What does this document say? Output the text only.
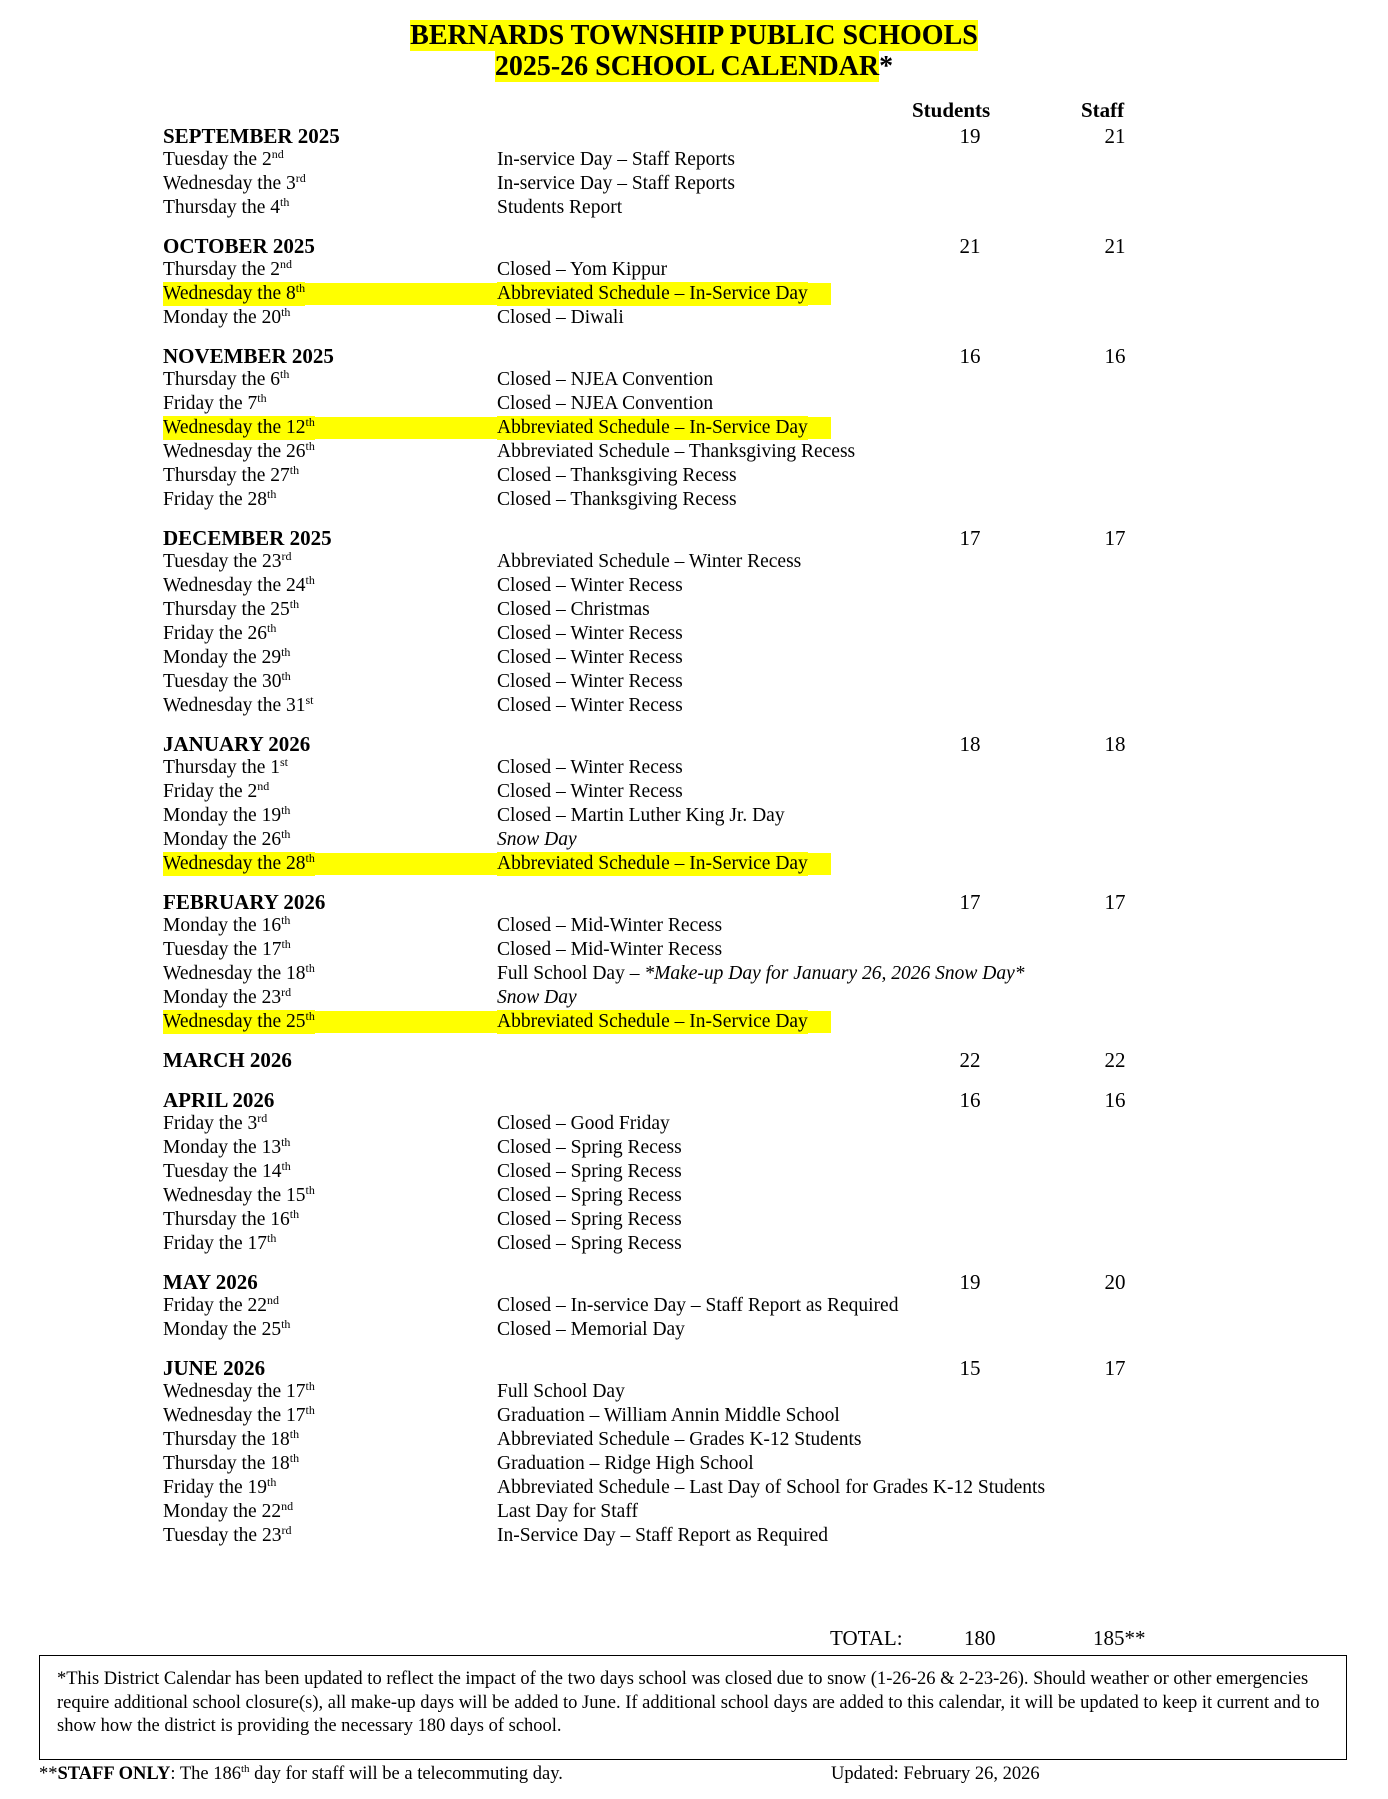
BERNARDS TOWNSHIP PUBLIC SCHOOLS
2025-26 SCHOOL CALENDAR*
Students	Staff
SEPTEMBER 2025	19	21
Tuesday the 2nd	In-service Day – Staff Reports
Wednesday the 3rd	In-service Day – Staff Reports
Thursday the 4th	Students Report
OCTOBER 2025	21	21
Thursday the 2nd	Closed – Yom Kippur
Wednesday the 8th	Abbreviated Schedule – In-Service Day
Monday the 20th	Closed – Diwali
NOVEMBER 2025	16	16
Thursday the 6th	Closed – NJEA Convention
Friday the 7th	Closed – NJEA Convention
Wednesday the 12th	Abbreviated Schedule – In-Service Day
Wednesday the 26th	Abbreviated Schedule – Thanksgiving Recess
Thursday the 27th	Closed – Thanksgiving Recess
Friday the 28th	Closed – Thanksgiving Recess
DECEMBER 2025	17	17
Tuesday the 23rd	Abbreviated Schedule – Winter Recess
Wednesday the 24th	Closed – Winter Recess
Thursday the 25th	Closed – Christmas
Friday the 26th	Closed – Winter Recess
Monday the 29th	Closed – Winter Recess
Tuesday the 30th	Closed – Winter Recess
Wednesday the 31st	Closed – Winter Recess
JANUARY 2026	18	18
Thursday the 1st	Closed – Winter Recess
Friday the 2nd	Closed – Winter Recess
Monday the 19th	Closed – Martin Luther King Jr. Day
Monday the 26th	Snow Day
Wednesday the 28th	Abbreviated Schedule – In-Service Day
FEBRUARY 2026	17	17
Monday the 16th	Closed – Mid-Winter Recess
Tuesday the 17th	Closed – Mid-Winter Recess
Wednesday the 18th	Full School Day – *Make-up Day for January 26, 2026 Snow Day*
Monday the 23rd	Snow Day
Wednesday the 25th	Abbreviated Schedule – In-Service Day
MARCH 2026	22	22
APRIL 2026	16	16
Friday the 3rd	Closed – Good Friday
Monday the 13th	Closed – Spring Recess
Tuesday the 14th	Closed – Spring Recess
Wednesday the 15th	Closed – Spring Recess
Thursday the 16th	Closed – Spring Recess
Friday the 17th	Closed – Spring Recess
MAY 2026	19	20
Friday the 22nd	Closed – In-service Day – Staff Report as Required
Monday the 25th	Closed – Memorial Day
JUNE 2026	15	17
Wednesday the 17th	Full School Day
Wednesday the 17th	Graduation – William Annin Middle School
Thursday the 18th	Abbreviated Schedule – Grades K-12 Students
Thursday the 18th	Graduation – Ridge High School
Friday the 19th	Abbreviated Schedule – Last Day of School for Grades K-12 Students
Monday the 22nd	Last Day for Staff
Tuesday the 23rd	In-Service Day – Staff Report as Required
TOTAL:	180	185**
*This District Calendar has been updated to reflect the impact of the two days school was closed due to snow (1-26-26 & 2-23-26). Should weather or other emergencies require additional school closure(s), all make-up days will be added to June. If additional school days are added to this calendar, it will be updated to keep it current and to show how the district is providing the necessary 180 days of school.
**STAFF ONLY: The 186th day for staff will be a telecommuting day.	Updated: February 26, 2026
